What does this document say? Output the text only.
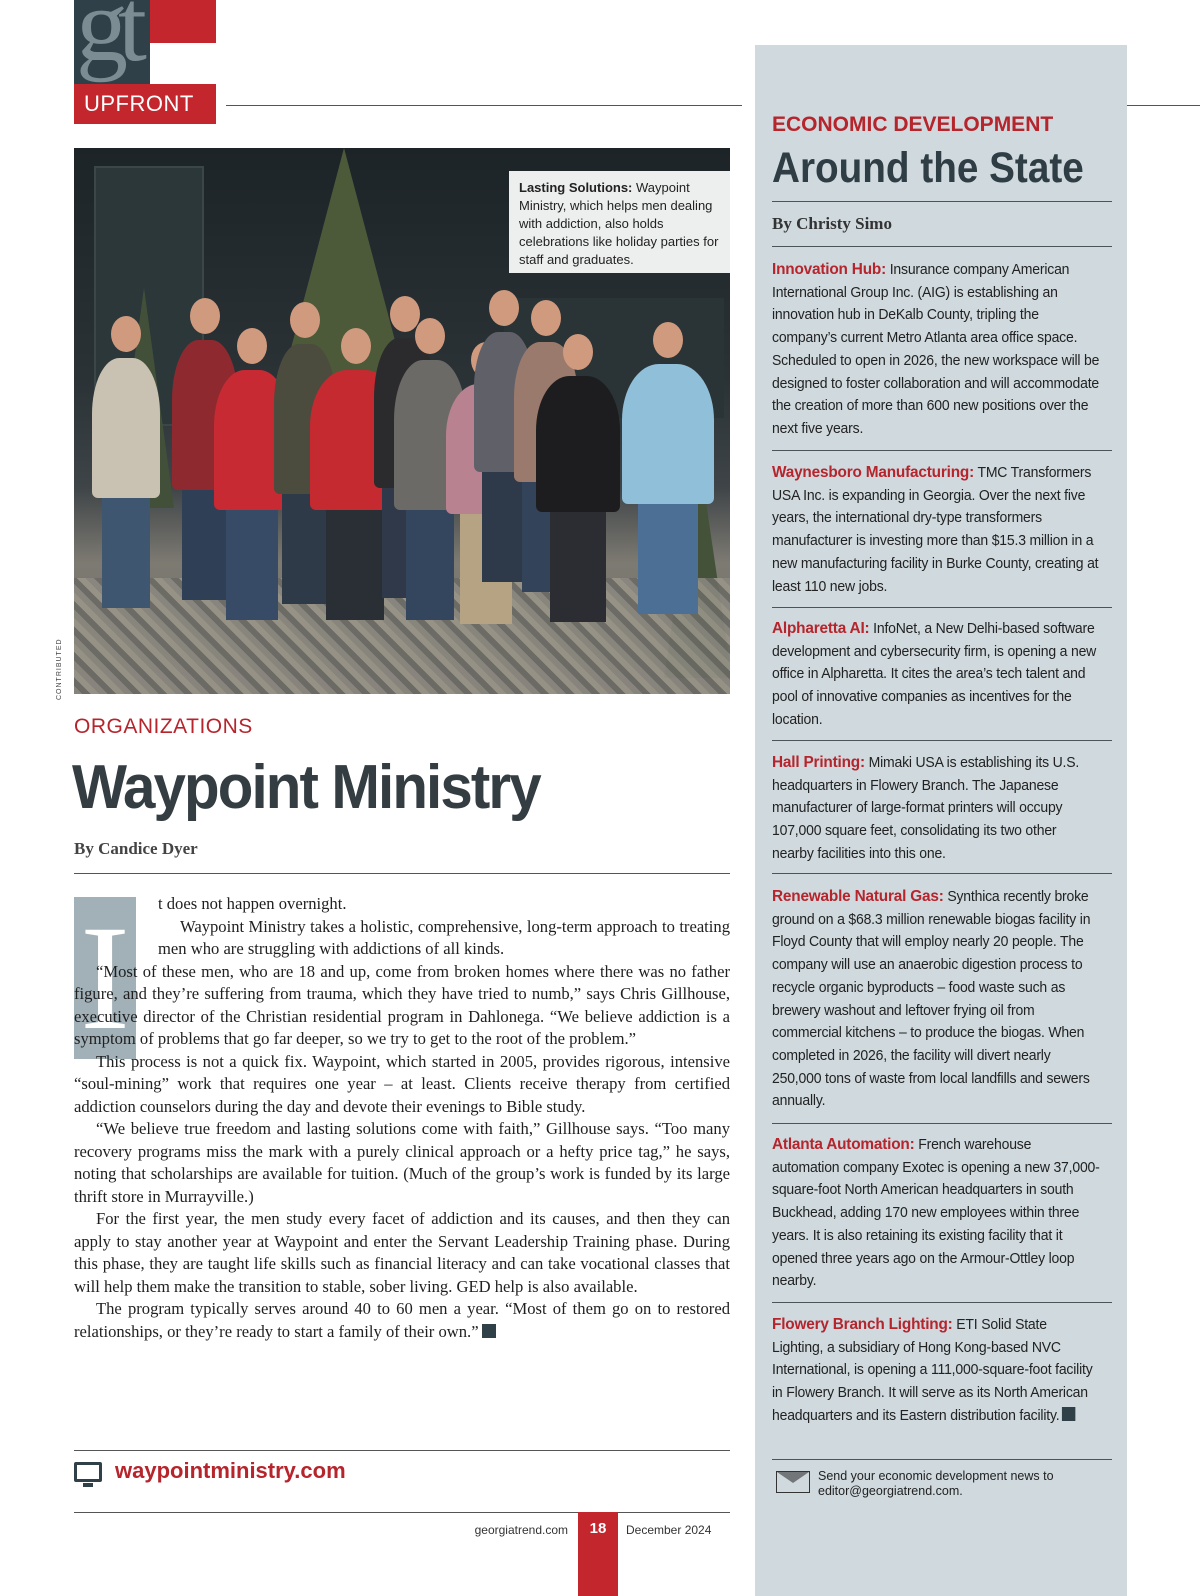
gt
UPFRONT
Lasting Solutions: Waypoint Ministry, which helps men dealing with addiction, also holds celebrations like holiday parties for staff and graduates.
CONTRIBUTED
ORGANIZATIONS
Waypoint Ministry
By Candice Dyer
I	t does not happen overnight.

Waypoint Ministry takes a holistic, comprehensive, long-term approach to treating men who are struggling with addictions of all kinds.

“Most of these men, who are 18 and up, come from broken homes where there was no father figure, and they’re suffering from trauma, which they have tried to numb,” says Chris Gillhouse, executive director of the Christian residential program in Dahlonega. “We believe addiction is a symptom of problems that go far deeper, so we try to get to the root of the problem.”

This process is not a quick fix. Waypoint, which started in 2005, provides rigorous, intensive “soul-mining” work that requires one year – at least. Clients receive therapy from certified addiction counselors during the day and devote their evenings to Bible study.

“We believe true freedom and lasting solutions come with faith,” Gillhouse says. “Too many recovery programs miss the mark with a purely clinical approach or a hefty price tag,” he says, noting that scholarships are available for tuition. (Much of the group’s work is funded by its large thrift store in Murrayville.)

For the first year, the men study every facet of addiction and its causes, and then they can apply to stay another year at Waypoint and enter the Servant Leadership Training phase. During this phase, they are taught life skills such as financial literacy and can take vocational classes that will help them make the transition to stable, sober living. GED help is also available.

The program typically serves around 40 to 60 men a year. “Most of them go on to restored relationships, or they’re ready to start a family of their own.”

waypointministry.com
georgiatrend.com	18	December 2024
ECONOMIC DEVELOPMENT
Around the State
By Christy Simo
Innovation Hub: Insurance company American International Group Inc. (AIG) is establishing an innovation hub in DeKalb County, tripling the company’s current Metro Atlanta area office space. Scheduled to open in 2026, the new workspace will be designed to foster collaboration and will accommodate the creation of more than 600 new positions over the next five years.
Waynesboro Manufacturing: TMC Transformers USA Inc. is expanding in Georgia. Over the next five years, the international dry-type transformers manufacturer is investing more than $15.3 million in a new manufacturing facility in Burke County, creating at least 110 new jobs.
Alpharetta AI: InfoNet, a New Delhi-based software development and cybersecurity firm, is opening a new office in Alpharetta. It cites the area’s tech talent and pool of innovative companies as incentives for the location.
Hall Printing: Mimaki USA is establishing its U.S. headquarters in Flowery Branch. The Japanese manufacturer of large-format printers will occupy 107,000 square feet, consolidating its two other nearby facilities into this one.
Renewable Natural Gas: Synthica recently broke ground on a $68.3 million renewable biogas facility in Floyd County that will employ nearly 20 people. The company will use an anaerobic digestion process to recycle organic byproducts – food waste such as brewery washout and leftover frying oil from commercial kitchens – to produce the biogas. When completed in 2026, the facility will divert nearly 250,000 tons of waste from local landfills and sewers annually.
Atlanta Automation: French warehouse automation company Exotec is opening a new 37,000-square-foot North American headquarters in south Buckhead, adding 170 new employees within three years. It is also retaining its existing facility that it opened three years ago on the Armour-Ottley loop nearby.
Flowery Branch Lighting: ETI Solid State Lighting, a subsidiary of Hong Kong-based NVC International, is opening a 111,000-square-foot facility in Flowery Branch. It will serve as its North American headquarters and its Eastern distribution facility.
Send your economic development news to editor@georgiatrend.com.
